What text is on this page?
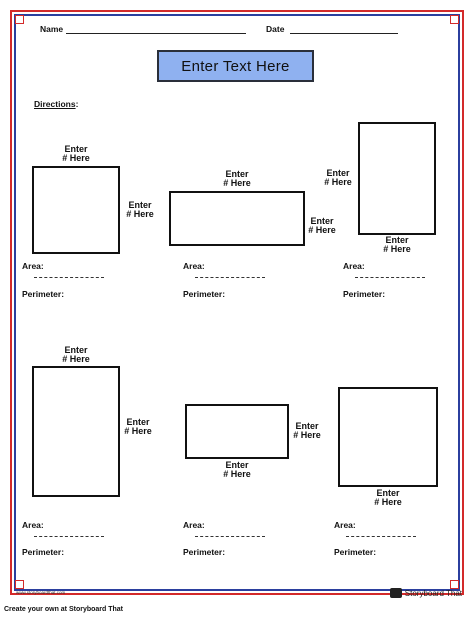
Name	Date
Enter Text Here
Directions:
Enter
# Here
Enter
# Here
Enter
# Here
Enter
# Here
Enter
# Here
Enter
# Here
Area:
Perimeter:
Area:
Perimeter:
Area:
Perimeter:
Enter
# Here
Enter
# Here	Enter
# Here
Enter
# Here
Enter
# Here
Area:
Perimeter:
Area:
Perimeter:
Area:
Perimeter:
www.storyboardthat.com	Storyboard That
Create your own at Storyboard That
